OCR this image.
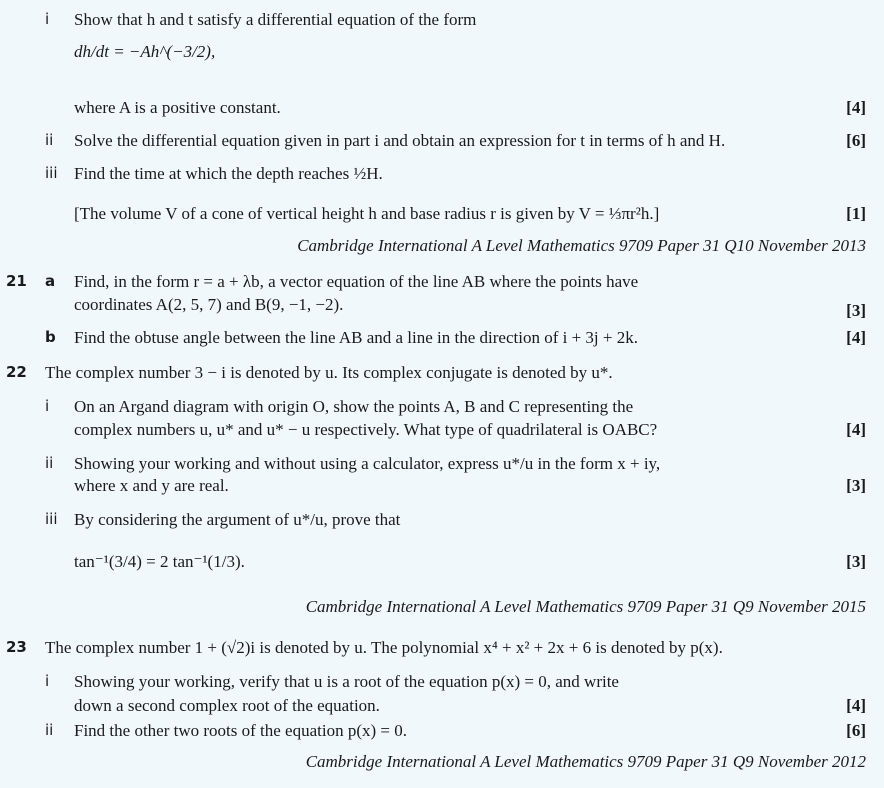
i Show that h and t satisfy a differential equation of the form
dh/dt = −Ah^(−3/2),
where A is a positive constant.	[4]
ii Solve the differential equation given in part i and obtain an expression for t in terms of h and H.	[6]
iii Find the time at which the depth reaches ½H.
[The volume V of a cone of vertical height h and base radius r is given by V = ⅓πr²h.]	[1]
Cambridge International A Level Mathematics 9709 Paper 31 Q10 November 2013
21 a Find, in the form r = a + λb, a vector equation of the line AB where the points have
coordinates A(2, 5, 7) and B(9, −1, −2).	[3]
b Find the obtuse angle between the line AB and a line in the direction of i + 3j + 2k.	[4]
22 The complex number 3 − i is denoted by u. Its complex conjugate is denoted by u*.
i On an Argand diagram with origin O, show the points A, B and C representing the
complex numbers u, u* and u* − u respectively. What type of quadrilateral is OABC?	[4]
ii Showing your working and without using a calculator, express u*/u in the form x + iy,
where x and y are real.	[3]
iii By considering the argument of u*/u, prove that
tan⁻¹(3/4) = 2 tan⁻¹(1/3).	[3]
Cambridge International A Level Mathematics 9709 Paper 31 Q9 November 2015
23 The complex number 1 + (√2)i is denoted by u. The polynomial x⁴ + x² + 2x + 6 is denoted by p(x).
i Showing your working, verify that u is a root of the equation p(x) = 0, and write
down a second complex root of the equation.	[4]
ii Find the other two roots of the equation p(x) = 0.	[6]
Cambridge International A Level Mathematics 9709 Paper 31 Q9 November 2012
